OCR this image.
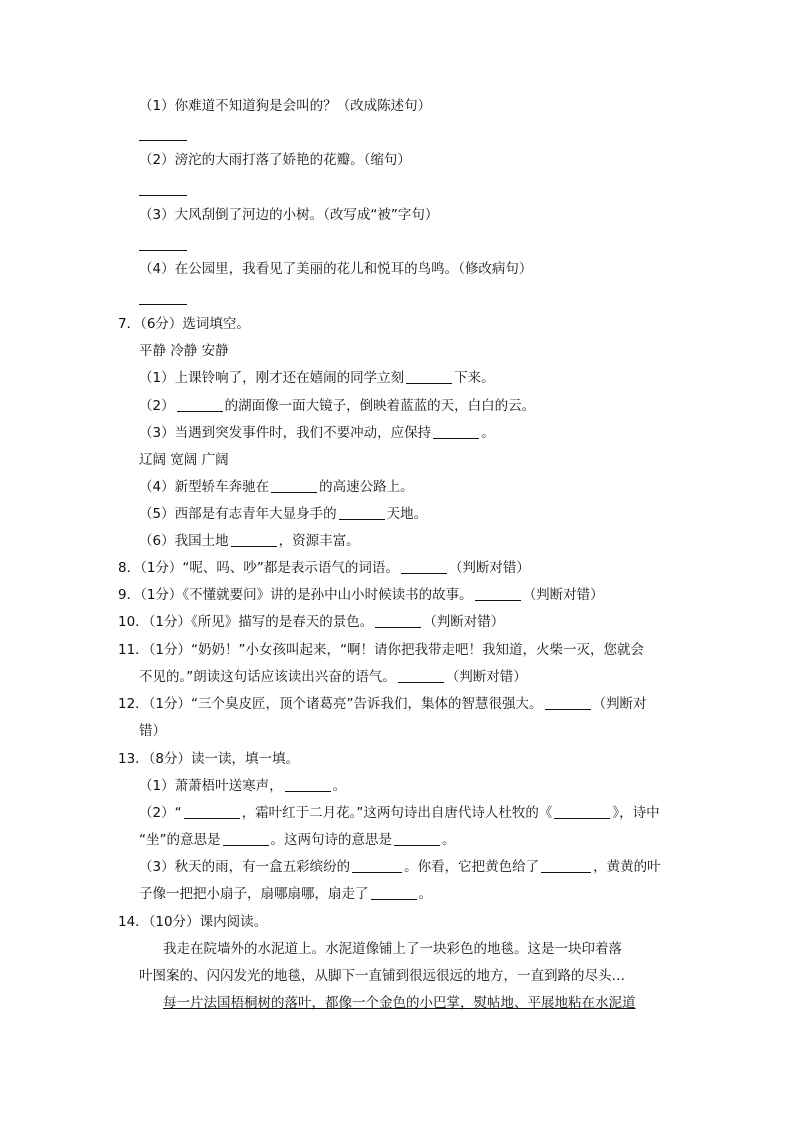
（1）你难道不知道狗是会叫的？（改成陈述句）
（2）滂沱的大雨打落了娇艳的花瓣。（缩句）
（3）大风刮倒了河边的小树。（改写成“被”字句）
（4）在公园里，我看见了美丽的花儿和悦耳的鸟鸣。（修改病句）
7．（6分）选词填空。
平静 冷静 安静
（1）上课铃响了，刚才还在嬉闹的同学立刻	下来。
（2）	的湖面像一面大镜子，倒映着蓝蓝的天，白白的云。
（3）当遇到突发事件时，我们不要冲动，应保持	。
辽阔 宽阔 广阔
（4）新型轿车奔驰在	的高速公路上。
（5）西部是有志青年大显身手的	天地。
（6）我国土地	，资源丰富。
8．（1分）“呢、吗、吵”都是表示语气的词语。	（判断对错）
9．（1分）《不懂就要问》讲的是孙中山小时候读书的故事。	（判断对错）
10．（1分）《所见》描写的是春天的景色。	（判断对错）
11．（1分）“奶奶！”小女孩叫起来，“啊！请你把我带走吧！我知道，火柴一灭，您就会
不见的。”朗读这句话应该读出兴奋的语气。	（判断对错）
12．（1分）“三个臭皮匠，顶个诸葛亮”告诉我们，集体的智慧很强大。	（判断对
错）
13．（8分）读一读，填一填。
（1）萧萧梧叶送寒声，	。
（2）“	，霜叶红于二月花。”这两句诗出自唐代诗人杜牧的《	》，诗中
“坐”的意思是	。这两句诗的意思是	。
（3）秋天的雨，有一盒五彩缤纷的	。你看，它把黄色给了	，黄黄的叶
子像一把把小扇子，扇哪扇哪，扇走了	。
14．（10分）课内阅读。
我走在院墙外的水泥道上。水泥道像铺上了一块彩色的地毯。这是一块印着落
叶图案的、闪闪发光的地毯，从脚下一直铺到很远很远的地方，一直到路的尽头…
每一片法国梧桐树的落叶，都像一个金色的小巴掌，熨帖地、平展地粘在水泥道
